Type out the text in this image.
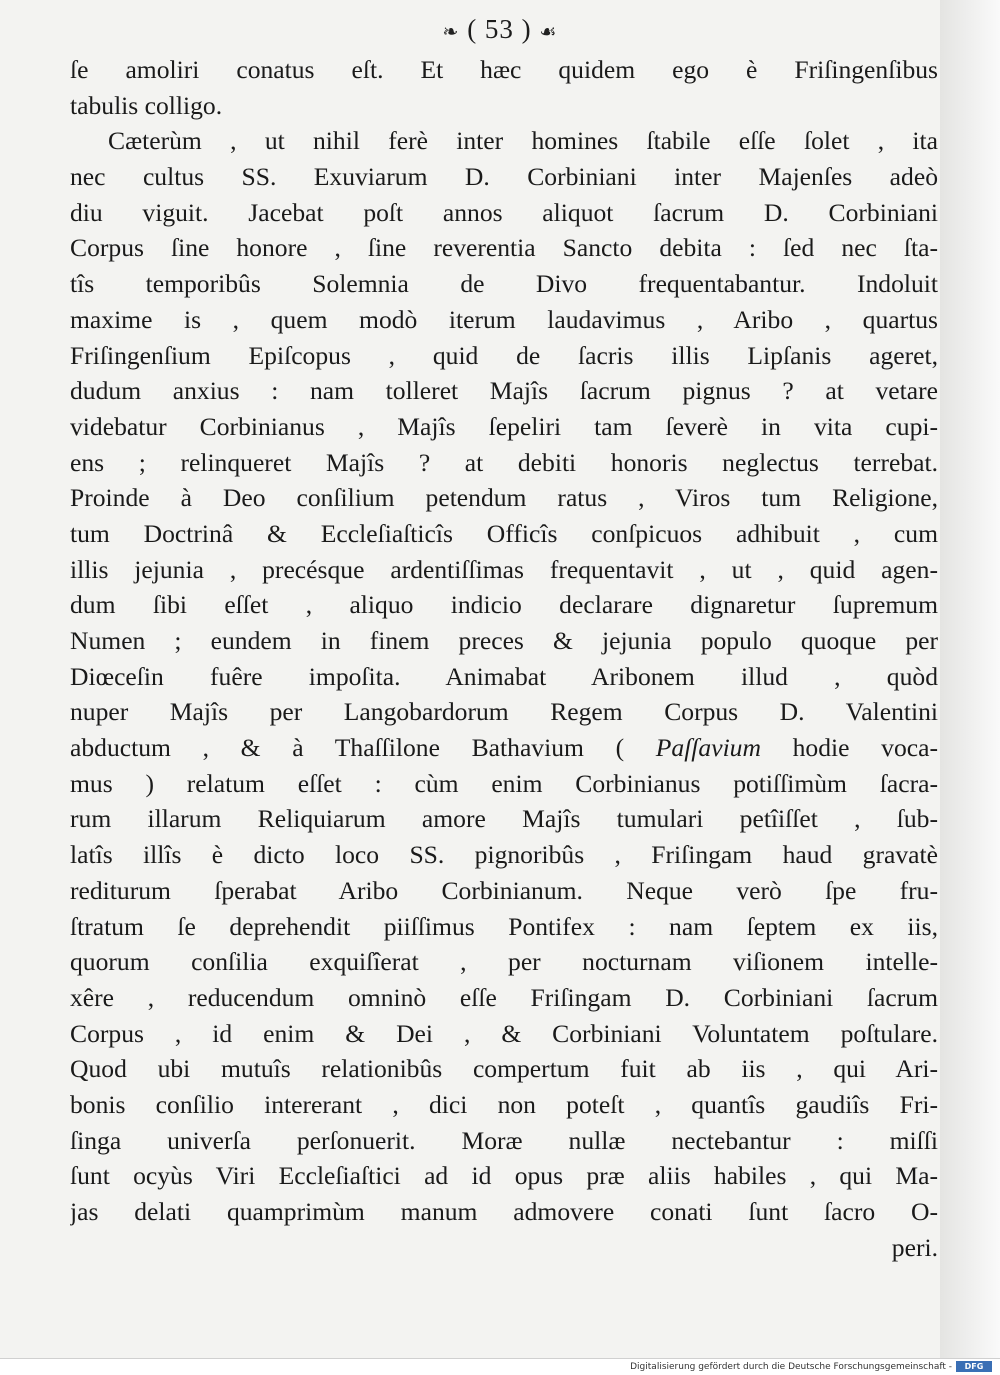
❧ ( 53 ) ☙
ſe amoliri conatus eſt. Et hæc quidem ego è Friſingenſibus
tabulis colligo.
Cæterùm , ut nihil ferè inter homines ſtabile eſſe ſolet , ita
nec cultus SS. Exuviarum D. Corbiniani inter Majenſes adeò
diu viguit. Jacebat poſt annos aliquot ſacrum D. Corbiniani
Corpus ſine honore , ſine reverentia Sancto debita : ſed nec ſta-
tîs temporibûs Solemnia de Divo frequentabantur. Indoluit
maxime is , quem modò iterum laudavimus , Aribo , quartus
Friſingenſium Epiſcopus , quid de ſacris illis Lipſanis ageret,
dudum anxius : nam tolleret Majîs ſacrum pignus ? at vetare
videbatur Corbinianus , Majîs ſepeliri tam ſeverè in vita cupi-
ens ; relinqueret Majîs ? at debiti honoris neglectus terrebat.
Proinde à Deo conſilium petendum ratus , Viros tum Religione,
tum Doctrinâ & Eccleſiaſticîs Officîs conſpicuos adhibuit , cum
illis jejunia , precésque ardentiſſimas frequentavit , ut , quid agen-
dum ſibi eſſet , aliquo indicio declarare dignaretur ſupremum
Numen ; eundem in finem preces & jejunia populo quoque per
Diœceſin fuêre impoſita. Animabat Aribonem illud , quòd
nuper Majîs per Langobardorum Regem Corpus D. Valentini
abductum , & à Thaſſilone Bathavium ( Paſſavium hodie voca-
mus ) relatum eſſet : cùm enim Corbinianus potiſſimùm ſacra-
rum illarum Reliquiarum amore Majîs tumulari petîiſſet , ſub-
latîs illîs è dicto loco SS. pignoribûs , Friſingam haud gravatè
rediturum ſperabat Aribo Corbinianum. Neque verò ſpe fru-
ſtratum ſe deprehendit piiſſimus Pontifex : nam ſeptem ex iis,
quorum conſilia exquiſîerat , per nocturnam viſionem intelle-
xêre , reducendum omninò eſſe Friſingam D. Corbiniani ſacrum
Corpus , id enim & Dei , & Corbiniani Voluntatem poſtulare.
Quod ubi mutuîs relationibûs compertum fuit ab iis , qui Ari-
bonis conſilio intererant , dici non poteſt , quantîs gaudiîs Fri-
ſinga univerſa perſonuerit. Moræ nullæ nectebantur : miſſi
ſunt ocyùs Viri Eccleſiaſtici ad id opus præ aliis habiles , qui Ma-
jas delati quamprimùm manum admovere conati ſunt ſacro O-
peri.
Digitalisierung gefördert durch die Deutsche Forschungsgemeinschaft -	DFG
